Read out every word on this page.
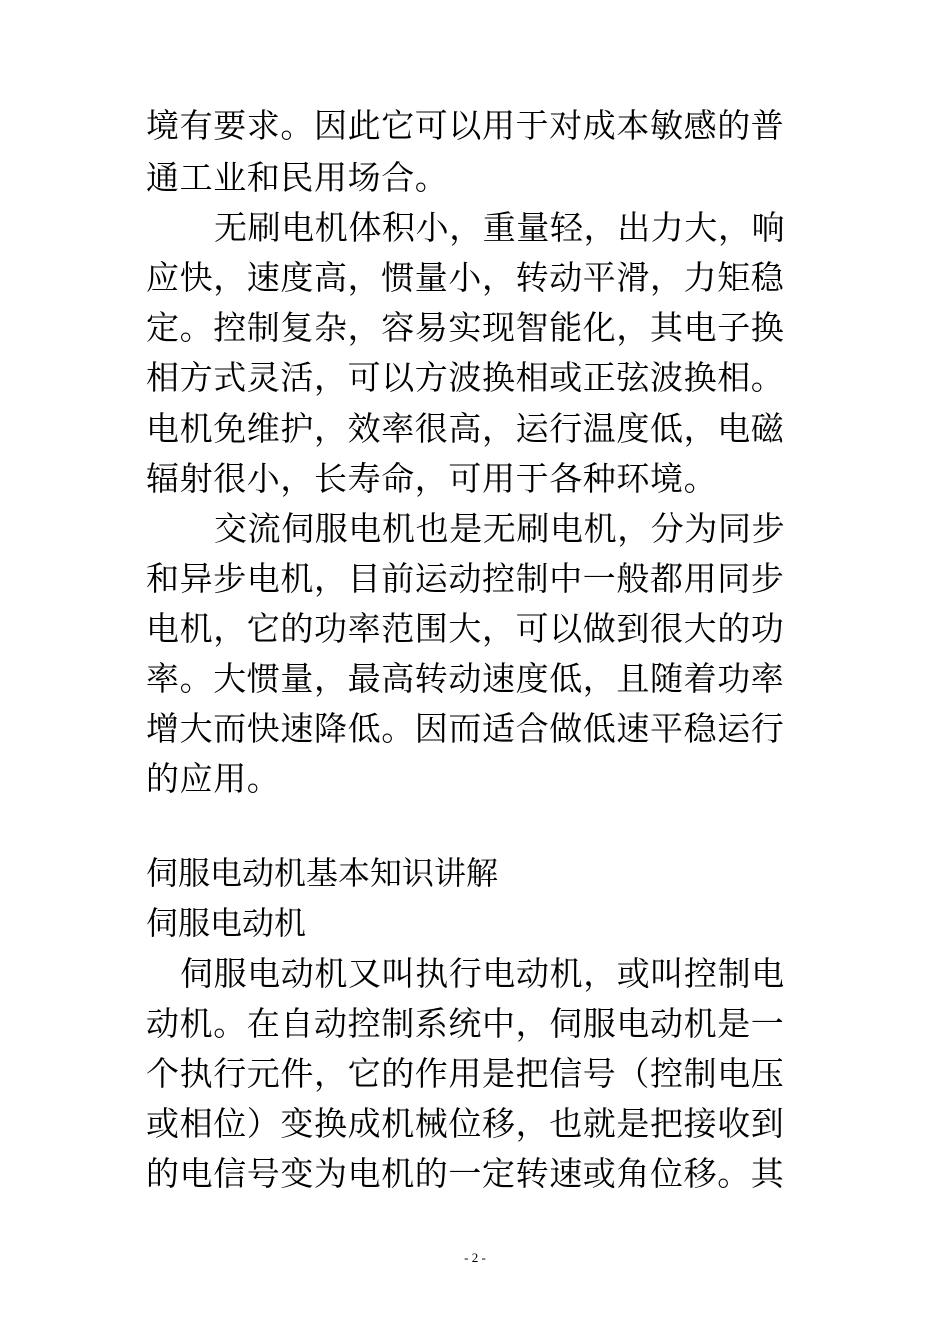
境有要求。因此它可以用于对成本敏感的普
通工业和民用场合。
无刷电机体积小，重量轻，出力大，响
应快，速度高，惯量小，转动平滑，力矩稳
定。控制复杂，容易实现智能化，其电子换
相方式灵活，可以方波换相或正弦波换相。
电机免维护，效率很高，运行温度低，电磁
辐射很小，长寿命，可用于各种环境。
交流伺服电机也是无刷电机，分为同步
和异步电机，目前运动控制中一般都用同步
电机，它的功率范围大，可以做到很大的功
率。大惯量，最高转动速度低，且随着功率
增大而快速降低。因而适合做低速平稳运行
的应用。
伺服电动机基本知识讲解
伺服电动机
伺服电动机又叫执行电动机，或叫控制电
动机。在自动控制系统中，伺服电动机是一
个执行元件，它的作用是把信号（控制电压
或相位）变换成机械位移，也就是把接收到
的电信号变为电机的一定转速或角位移。其
- 2 -
